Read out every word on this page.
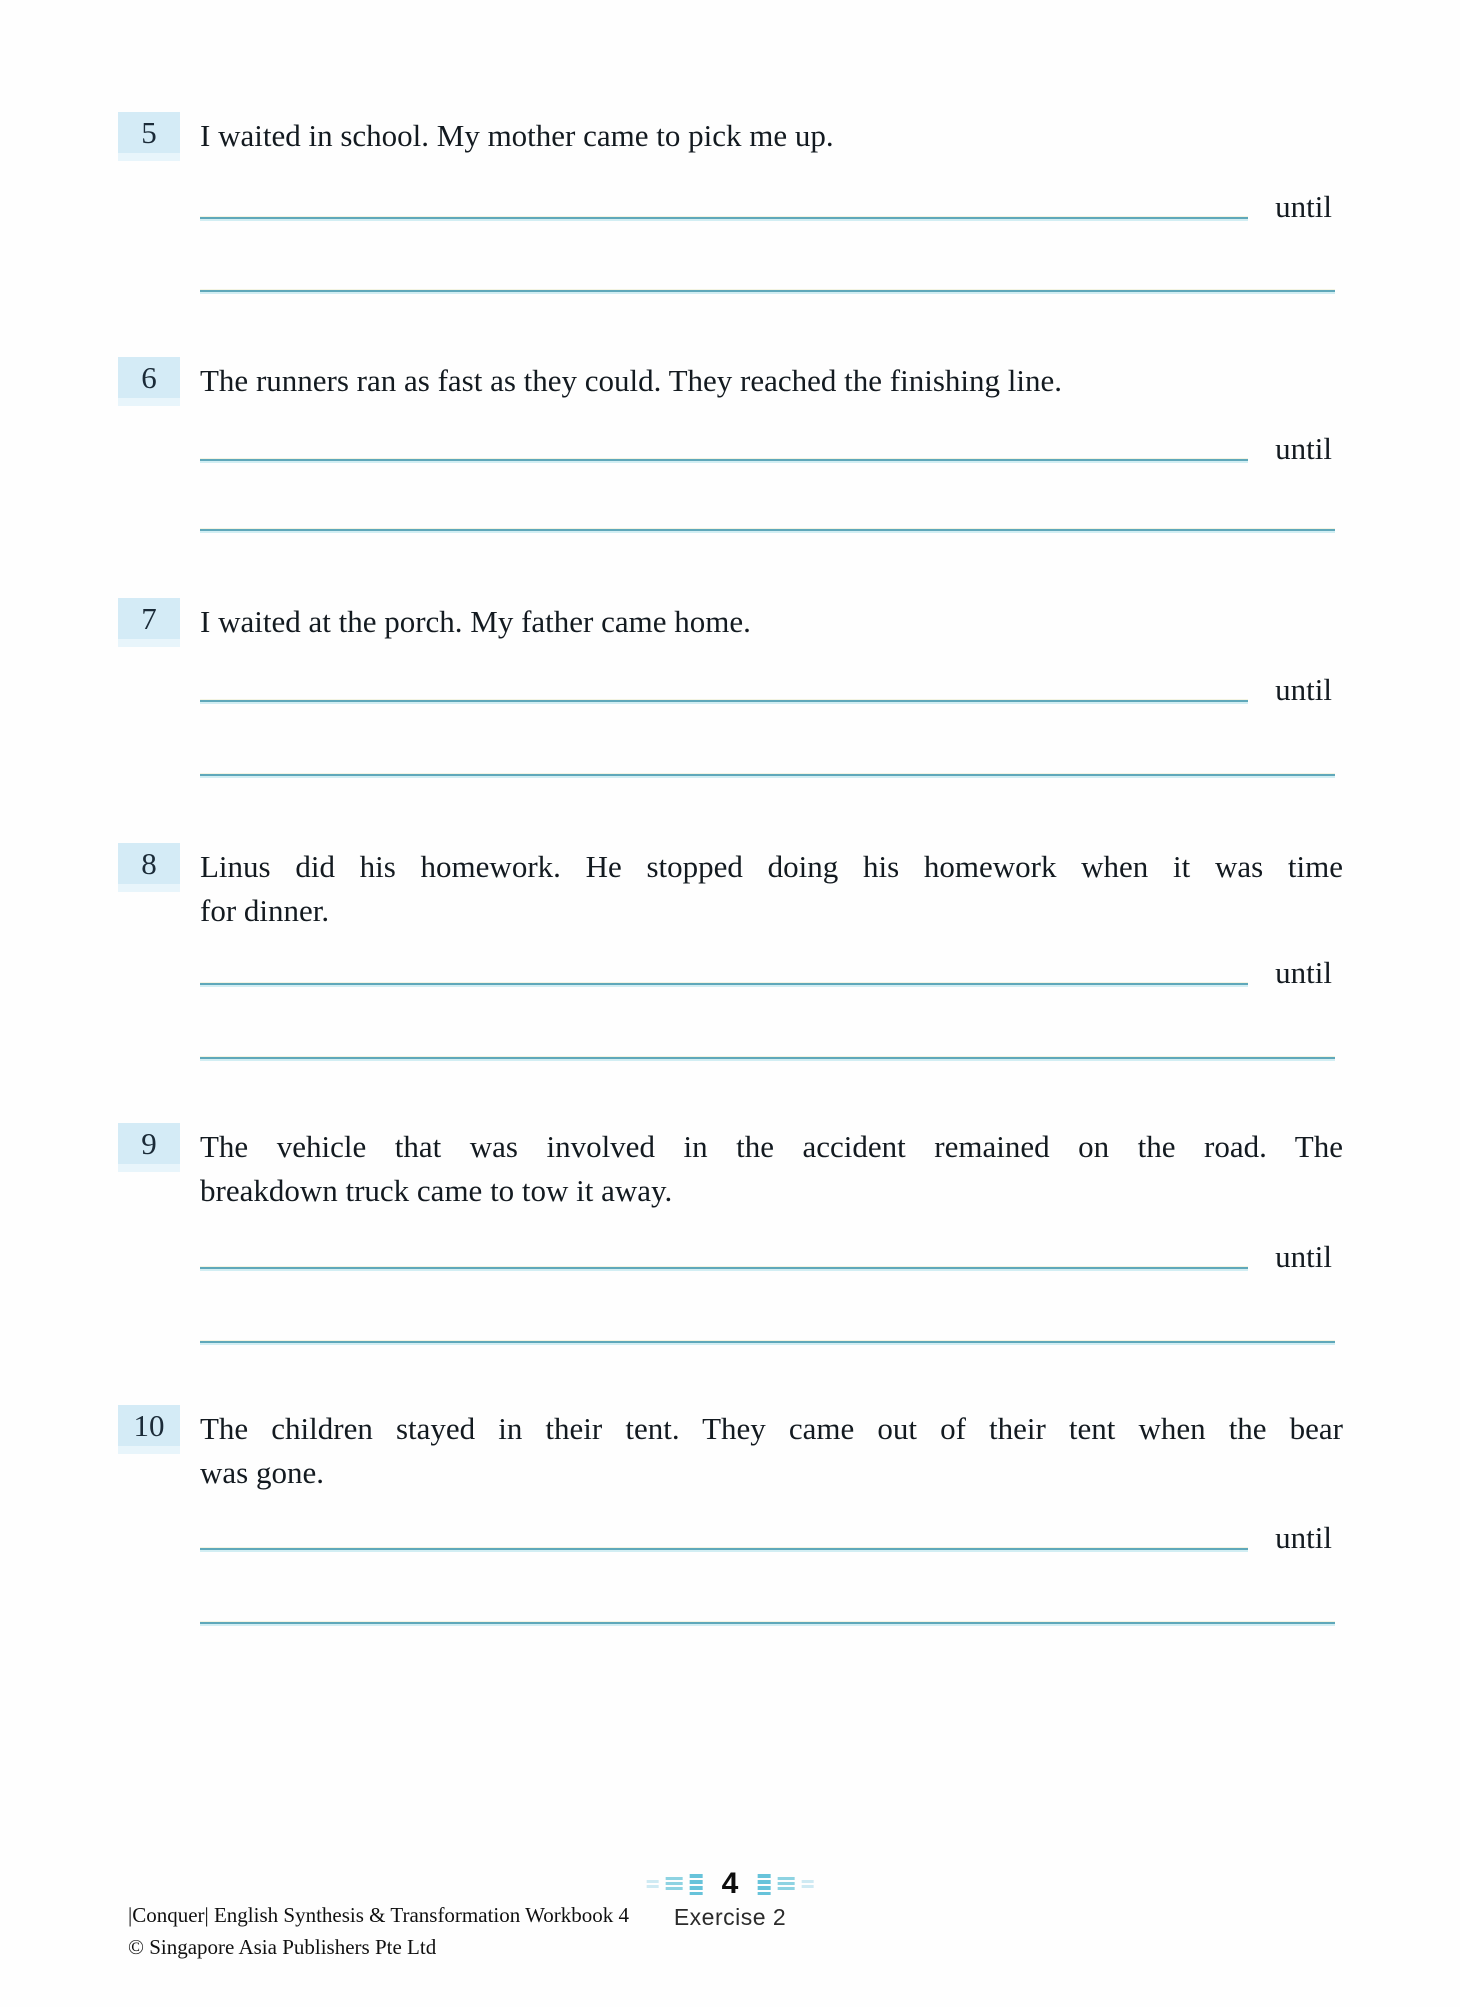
5	I waited in school. My mother came to pick me up.
until
6	The runners ran as fast as they could. They reached the finishing line.
until
7	I waited at the porch. My father came home.
until
8	Linus did his homework. He stopped doing his homework when it was time
for dinner.
until
9	The vehicle that was involved in the accident remained on the road. The
breakdown truck came to tow it away.
until
10	The children stayed in their tent. They came out of their tent when the bear
was gone.
until
|Conquer| English Synthesis & Transformation Workbook 4
© Singapore Asia Publishers Pte Ltd
4
Exercise 2
